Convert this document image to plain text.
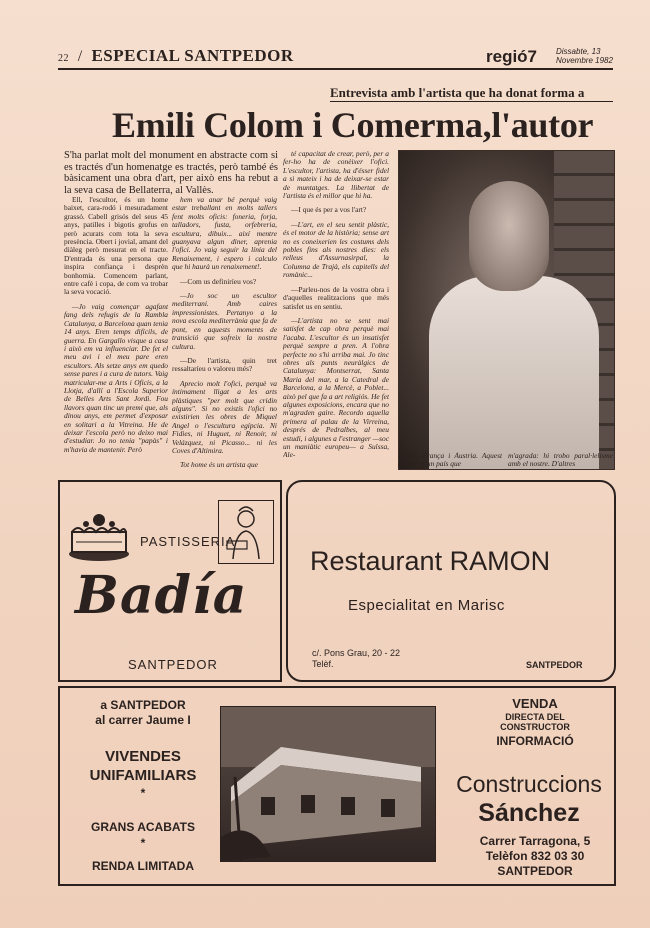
22 / ESPECIAL SANTPEDOR	regió7 Dissabte, 13
Novembre 1982
Entrevista amb l'artista que ha donat forma a
Emili Colom i Comerma,l'autor
S'ha parlat molt del monument en abstracte com si es tractés d'un homenatge es tractés, però també és bàsicament una obra d'art, per això ens ha rebut a la seva casa de Bellaterra, al Vallès.

Ell, l'escultor, és un home baixet, cara-rodó i mesuradament grassó. Cabell grisós del seus 45 anys, patilles i bigotis grofus en però acurats com tota la seva presència. Obert i jovial, amant del diàleg però mesurat en el tracte. D'entrada és una persona que inspira confiança i desprèn bonhomia. Comencem parlant, entre cafè i copa, de com va trobar la seva vocació.

—Jo vaig començar agafant fang dels refugis de la Rambla Catalunya, a Barcelona quan tenia 14 anys. Eren temps difícils, de guerra. En Gargallo visque a casa i això em va influenciar. De fet el meu avi i el meu pare eren escultors. Als setze anys em quedo sense pares i a cura de tutors. Vaig matricular-me a Arts i Oficis, a la Llotja, d'allí a l'Escola Superior de Belles Arts Sant Jordi. Fou llavors quan tinc un premi que, als dinou anys, em permet d'exposar en solitari a la Vitreina. He de deixar l'escola però no deixo mai d'estudiar. Jo no tenia "papàs" i m'havia de mantenir. Però

hem va anar bé perquè vaig estar treballant en molts tallers fent molts oficis: foneria, forja, talladors, fusta, orfebreria, escultura, dibuix... així mentre guanyava algun diner, aprenia l'ofici. Jo vaig seguir la línia del Renaixement, i espero i calculo que hi haurà un renaixement!.

—Com us definiríeu vos?

—Jo soc un escultor mediterrani. Amb caires impressionistes. Pertanyo a la nova escola mediterrània que fa de pont, en aquests moments de transició que sofreix la nostra cultura.

—De l'artista, quin tret ressaltaríeu o valoreu més?

Aprecio molt l'ofici, perquè va íntimament lligat a les arts plàstiques "per molt que cridin alguns". Si no existís l'ofici no existirien les obres de Miquel Angel o l'escultura egípcia. Ni Fidies, ni Huguet, ni Renoir, ni Velázquez, ni Picasso... ni les Coves d'Altimira.

Tot home és un artista que

té capacitat de crear, però, per a fer-ho ha de conèixer l'ofici. L'escultor, l'artista, ha d'ésser fidel a si mateix i ha de deixar-se estar de muntatges. La llibertat de l'artista és el millor que hi ha.

—I que és per a vos l'art?

—L'art, en el seu sentit plàstic, és el motor de la història; sense art no es coneixerien les costums dels pobles fins als nostres dies: els relleus d'Assurnasirpal, la Columna de Trajà, els capitells del romànic...

—Parleu-nos de la vostra obra i d'aquelles realitzacions que més satisfet us en sentiu.

—L'artista no se sent mai satisfet de cap obra perquè mai l'acaba. L'escultor és un insatisfet perquè sempre a pren. A l'obra perfecte no s'hi arriba mai. Jo tinc obres als punts neuràlgics de Catalunya: Montserrat, Santa Maria del mar, a la Catedral de Barcelona, a la Mercè, a Poblet... això pel que fa a art religiós. He fet algunes exposicions, encara que no m'agraden gaire. Recordo aquella primera al palau de la Virreina, després de Pedralbes, al meu estudi, i algunes a l'estranger —soc un maniàtic europeu— a Suïssa, Ale-	mània, França i Àustria. Aquest darrer és un país que
m'agrada: hi trobo paral·lelisme amb el nostre. D'altres
PASTISSERIA
Badía
SANTPEDOR
Restaurant RAMON
Especialitat en Marisc
c/. Pons Grau, 20 - 22
Telèf.	SANTPEDOR
a SANTPEDOR
al carrer Jaume I
VIVENDES
UNIFAMILIARS
*
GRANS ACABATS
*
RENDA LIMITADA
VENDA
DIRECTA DEL
CONSTRUCTOR
INFORMACIÓ
Construccions
Sánchez
Carrer Tarragona, 5
Telèfon 832 03 30
SANTPEDOR
